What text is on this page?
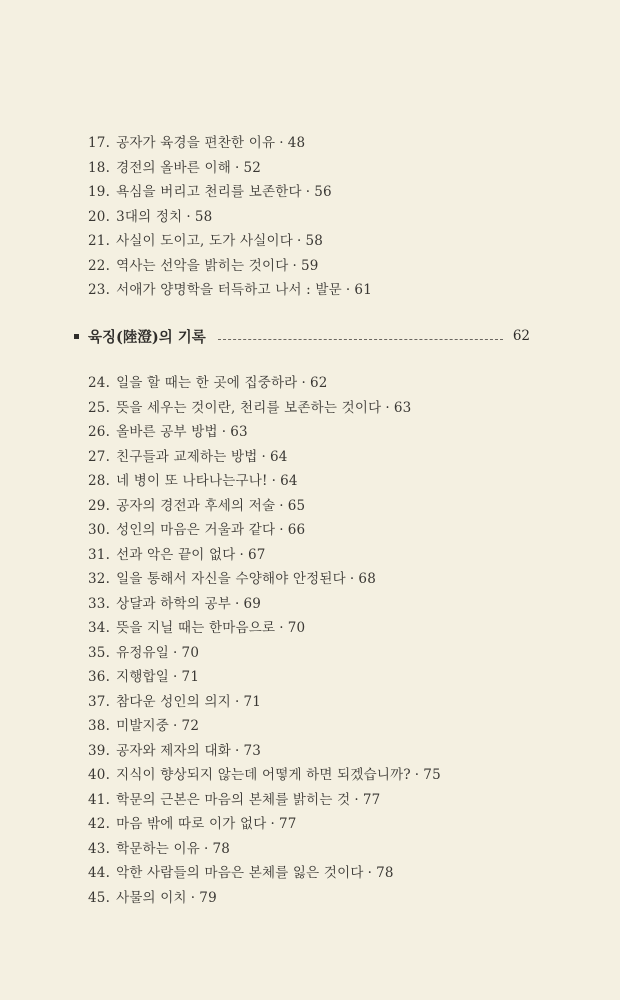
17. 공자가 육경을 편찬한 이유 · 48
18. 경전의 올바른 이해 · 52
19. 욕심을 버리고 천리를 보존한다 · 56
20. 3대의 정치 · 58
21. 사실이 도이고, 도가 사실이다 · 58
22. 역사는 선악을 밝히는 것이다 · 59
23. 서애가 양명학을 터득하고 나서 : 발문 · 61
육징(陸澄)의 기록	62
24. 일을 할 때는 한 곳에 집중하라 · 62
25. 뜻을 세우는 것이란, 천리를 보존하는 것이다 · 63
26. 올바른 공부 방법 · 63
27. 친구들과 교제하는 방법 · 64
28. 네 병이 또 나타나는구나! · 64
29. 공자의 경전과 후세의 저술 · 65
30. 성인의 마음은 거울과 같다 · 66
31. 선과 악은 끝이 없다 · 67
32. 일을 통해서 자신을 수양해야 안정된다 · 68
33. 상달과 하학의 공부 · 69
34. 뜻을 지닐 때는 한마음으로 · 70
35. 유정유일 · 70
36. 지행합일 · 71
37. 참다운 성인의 의지 · 71
38. 미발지중 · 72
39. 공자와 제자의 대화 · 73
40. 지식이 향상되지 않는데 어떻게 하면 되겠습니까? · 75
41. 학문의 근본은 마음의 본체를 밝히는 것 · 77
42. 마음 밖에 따로 이가 없다 · 77
43. 학문하는 이유 · 78
44. 악한 사람들의 마음은 본체를 잃은 것이다 · 78
45. 사물의 이치 · 79
